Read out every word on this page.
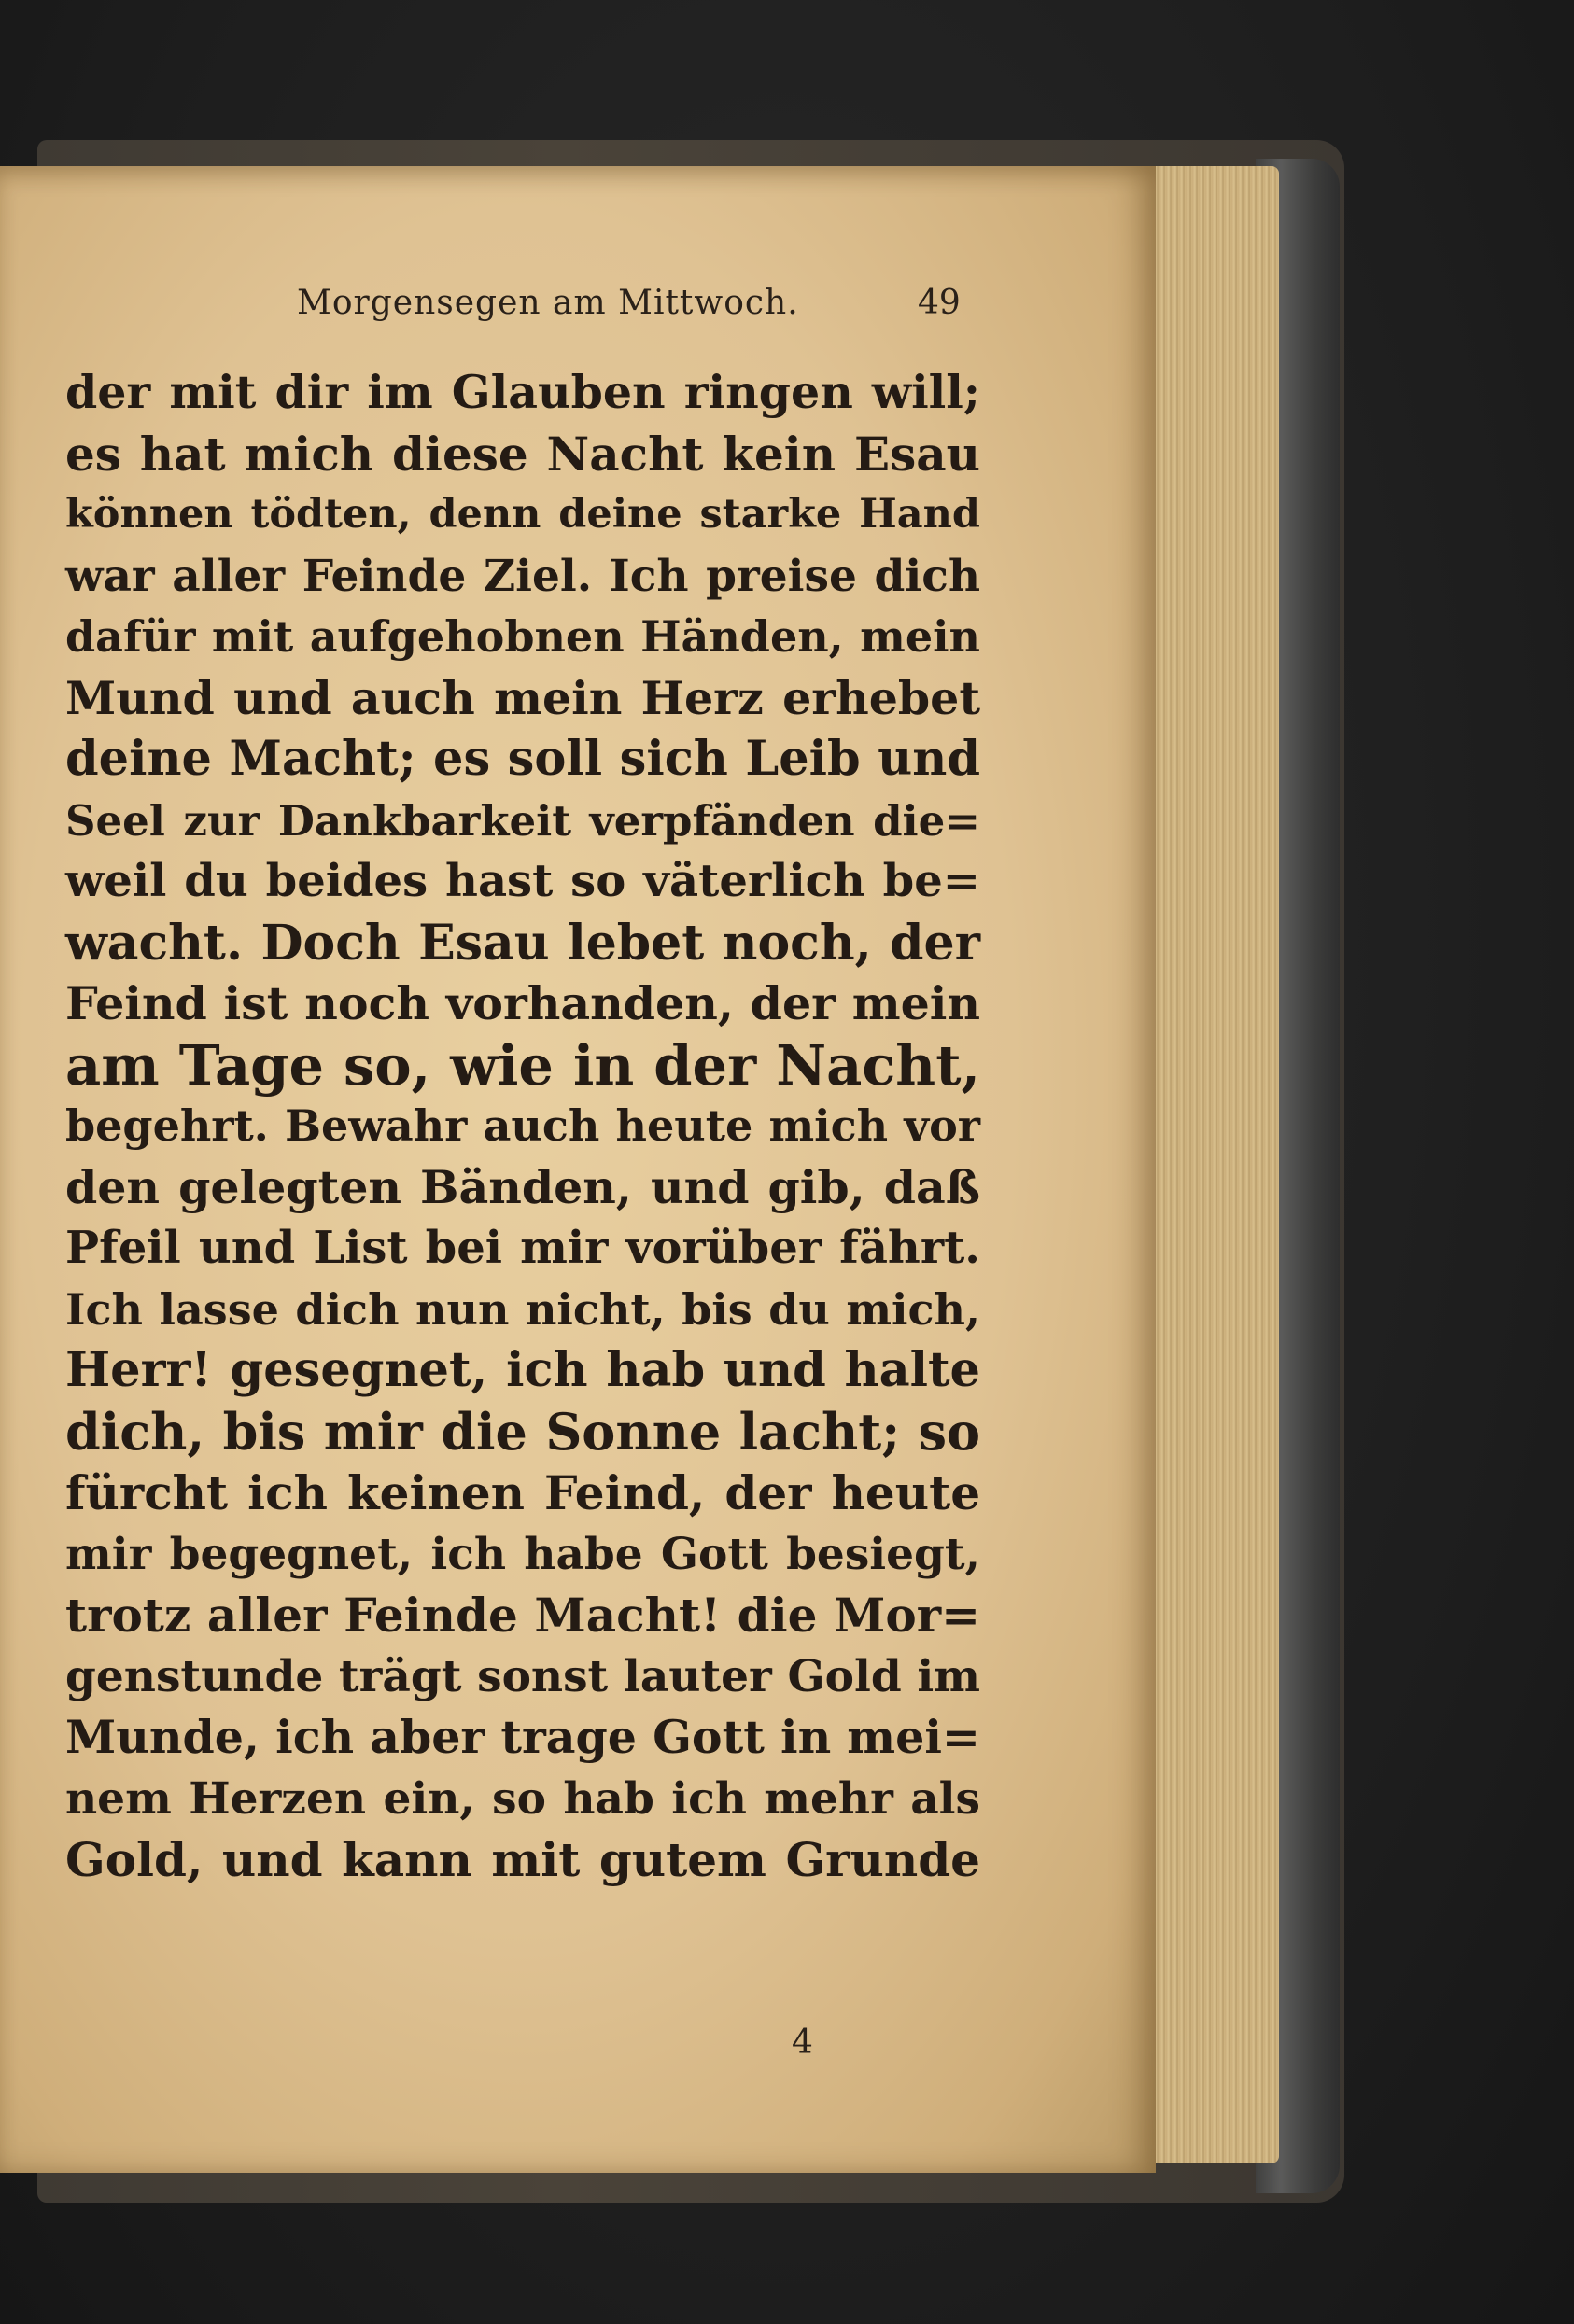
Morgensegen am Mittwoch.	49
der mit dir im Glauben ringen will;
es hat mich diese Nacht kein Esau
können tödten, denn deine starke Hand
war aller Feinde Ziel. Ich preise dich
dafür mit aufgehobnen Händen, mein
Mund und auch mein Herz erhebet
deine Macht; es soll sich Leib und
Seel zur Dankbarkeit verpfänden die=
weil du beides hast so väterlich be=
wacht. Doch Esau lebet noch, der
Feind ist noch vorhanden, der mein
am Tage so, wie in der Nacht,
begehrt. Bewahr auch heute mich vor
den gelegten Bänden, und gib, daß
Pfeil und List bei mir vorüber fährt.
Ich lasse dich nun nicht, bis du mich,
Herr! gesegnet, ich hab und halte
dich, bis mir die Sonne lacht; so
fürcht ich keinen Feind, der heute
mir begegnet, ich habe Gott besiegt,
trotz aller Feinde Macht! die Mor=
genstunde trägt sonst lauter Gold im
Munde, ich aber trage Gott in mei=
nem Herzen ein, so hab ich mehr als
Gold, und kann mit gutem Grunde
4
